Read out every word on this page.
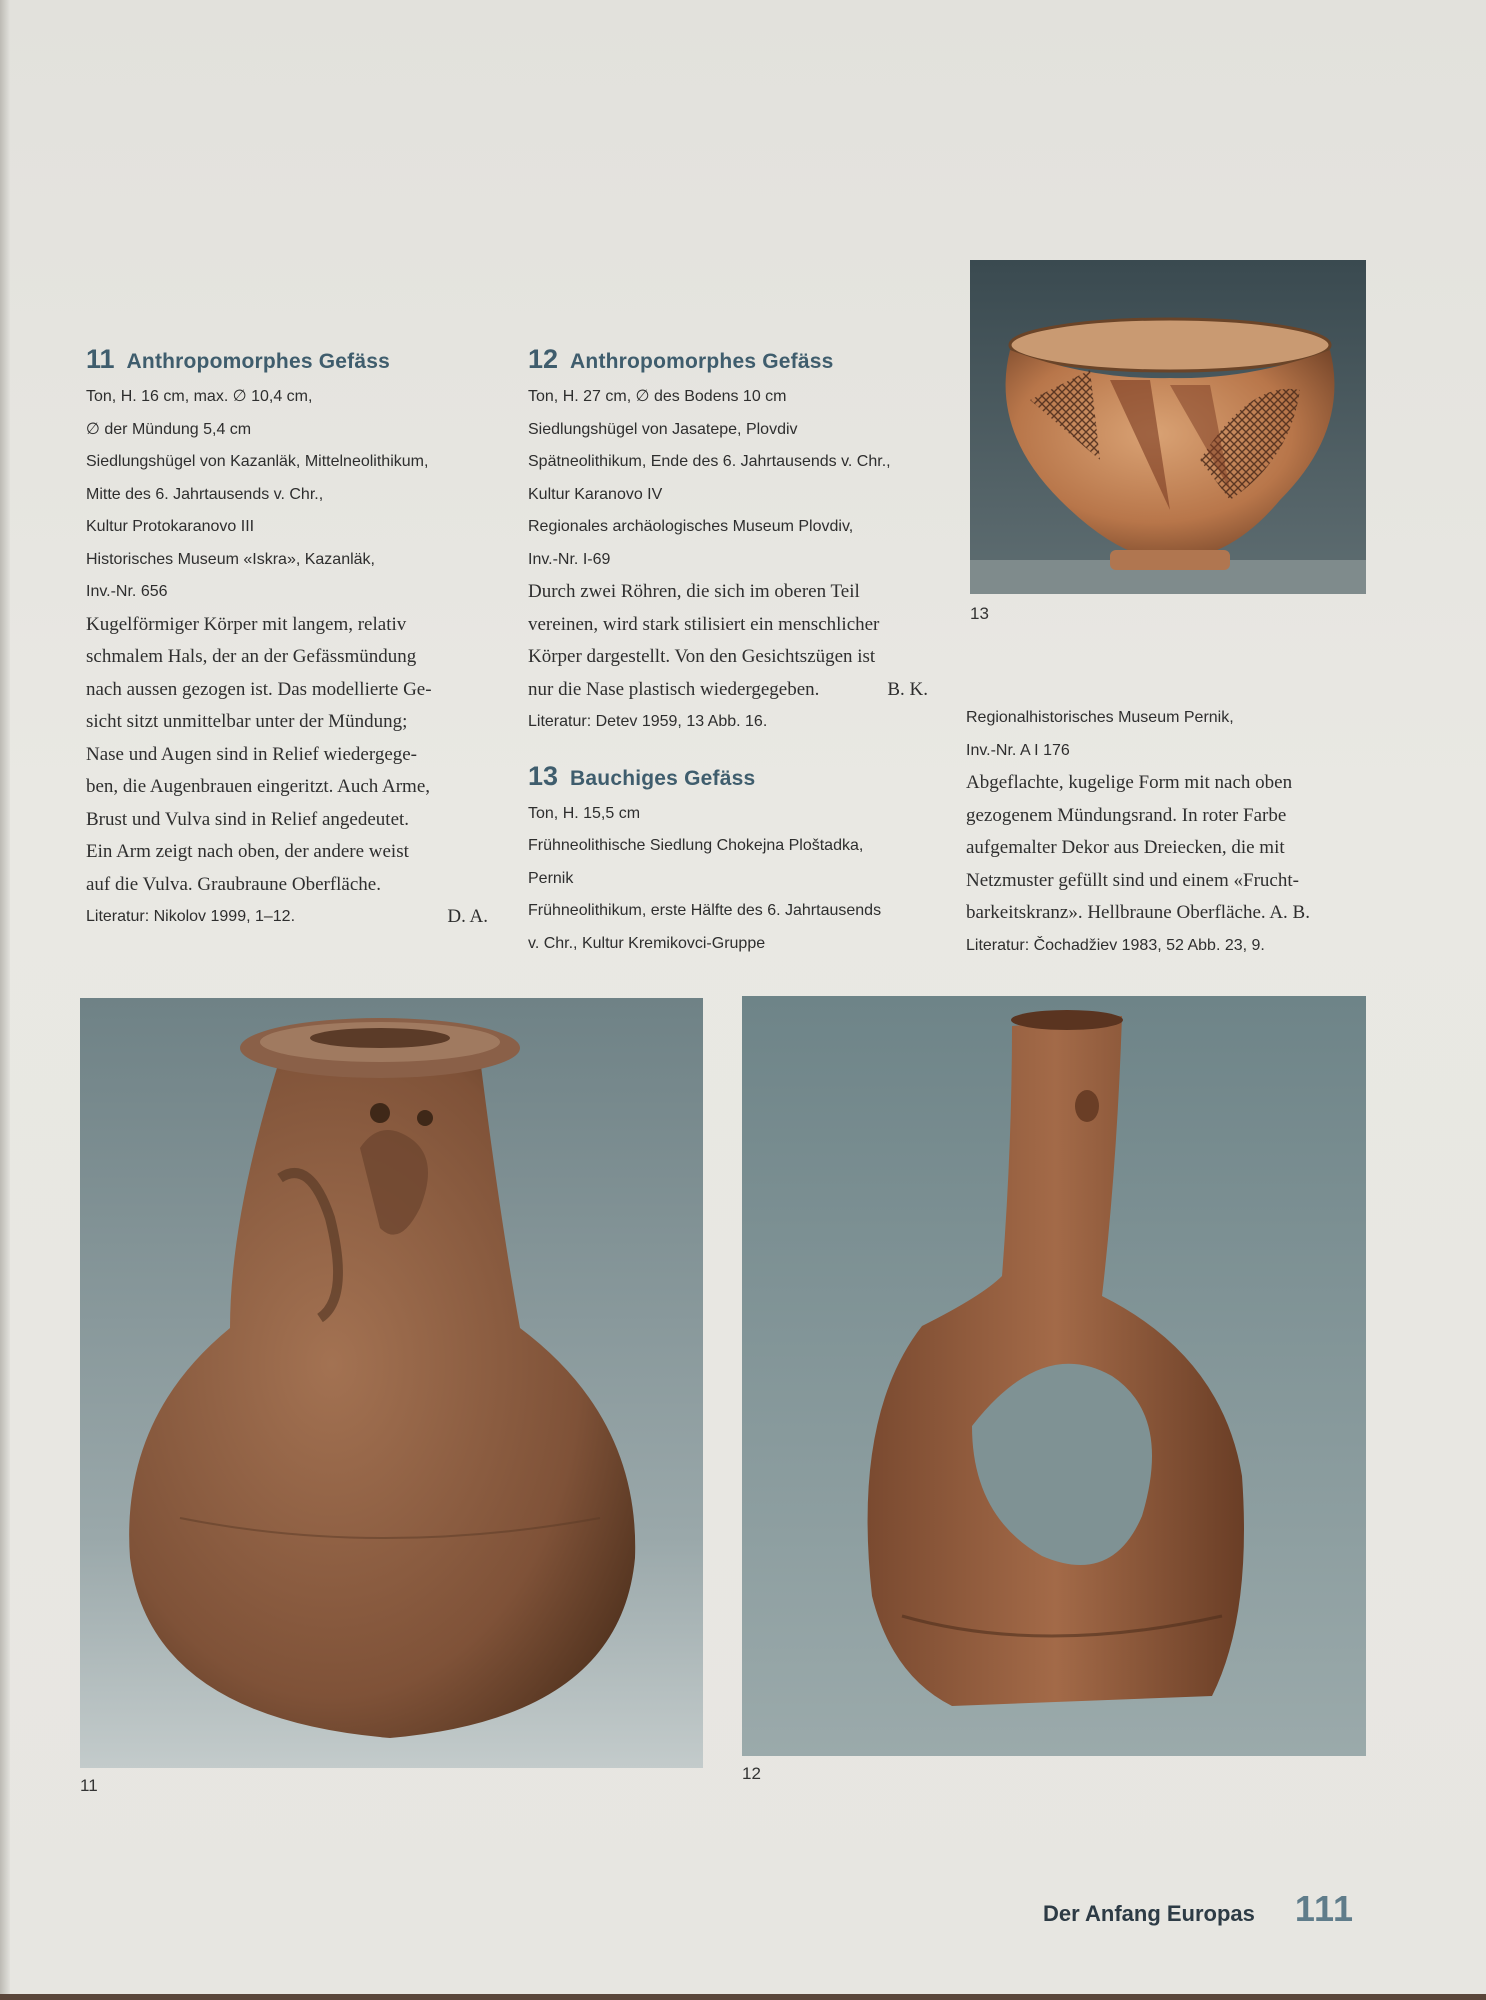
11 Anthropomorphes Gefäss
Ton, H. 16 cm, max. ∅ 10,4 cm,
∅ der Mündung 5,4 cm
Siedlungshügel von Kazanläk, Mittelneolithikum,
Mitte des 6. Jahrtausends v. Chr.,
Kultur Protokaranovo III
Historisches Museum «Iskra», Kazanläk,
Inv.-Nr. 656
Kugelförmiger Körper mit langem, relativ
schmalem Hals, der an der Gefässmündung
nach aussen gezogen ist. Das modellierte Ge-
sicht sitzt unmittelbar unter der Mündung;
Nase und Augen sind in Relief wiedergege-
ben, die Augenbrauen eingeritzt. Auch Arme,
Brust und Vulva sind in Relief angedeutet.
Ein Arm zeigt nach oben, der andere weist
auf die Vulva. Graubraune Oberfläche.
Literatur: Nikolov 1999, 1–12.	D. A.
12 Anthropomorphes Gefäss
Ton, H. 27 cm, ∅ des Bodens 10 cm
Siedlungshügel von Jasatepe, Plovdiv
Spätneolithikum, Ende des 6. Jahrtausends v. Chr.,
Kultur Karanovo IV
Regionales archäologisches Museum Plovdiv,
Inv.-Nr. I-69
Durch zwei Röhren, die sich im oberen Teil
vereinen, wird stark stilisiert ein menschlicher
Körper dargestellt. Von den Gesichtszügen ist
nur die Nase plastisch wiedergegeben.	B. K.
Literatur: Detev 1959, 13 Abb. 16.
13 Bauchiges Gefäss
Ton, H. 15,5 cm
Frühneolithische Siedlung Chokejna Ploštadka,
Pernik
Frühneolithikum, erste Hälfte des 6. Jahrtausends
v. Chr., Kultur Kremikovci-Gruppe
13
Regionalhistorisches Museum Pernik,
Inv.-Nr. A I 176
Abgeflachte, kugelige Form mit nach oben
gezogenem Mündungsrand. In roter Farbe
aufgemalter Dekor aus Dreiecken, die mit
Netzmuster gefüllt sind und einem «Frucht-
barkeitskranz». Hellbraune Oberfläche. A. B.
Literatur: Čochadžiev 1983, 52 Abb. 23, 9.
11
12
Der Anfang Europas 111
